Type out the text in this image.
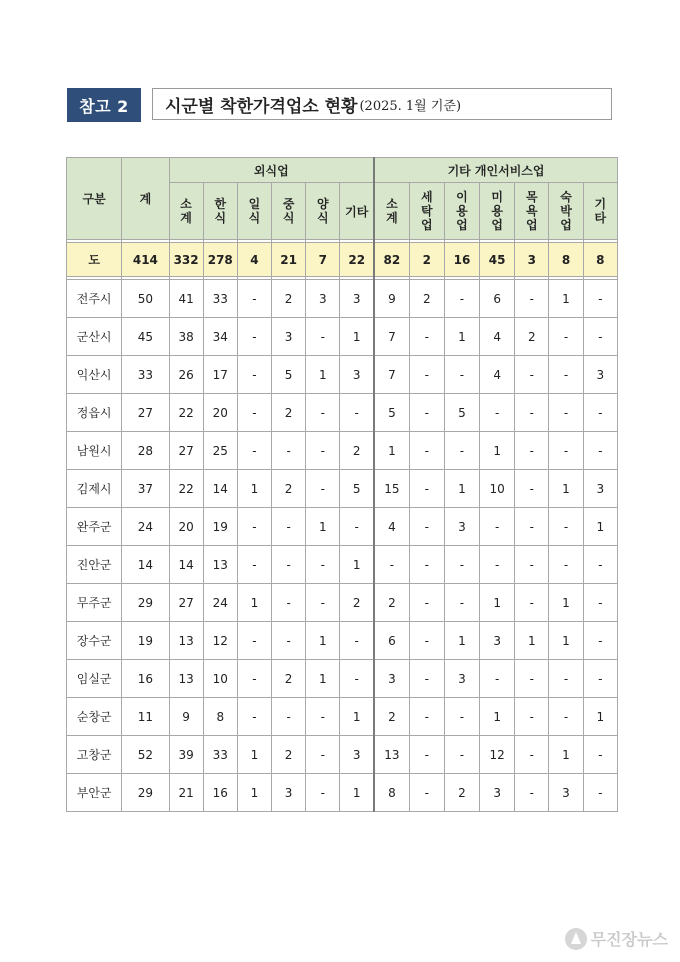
참고 2	시군별 착한가격업소 현황 (2025. 1월 기준)
구분	계	외식업						기타 개인서비스업						
		소계	한식	일식	중식	양식	기타	소계	세탁업	이용업	미용업	목욕업	숙박업	기타

도	414	332	278	4	21	7	22	82	2	16	45	3	8	8

전주시	50	41	33	-	2	3	3	9	2	-	6	-	1	-
군산시	45	38	34	-	3	-	1	7	-	1	4	2	-	-
익산시	33	26	17	-	5	1	3	7	-	-	4	-	-	3
정읍시	27	22	20	-	2	-	-	5	-	5	-	-	-	-
남원시	28	27	25	-	-	-	2	1	-	-	1	-	-	-
김제시	37	22	14	1	2	-	5	15	-	1	10	-	1	3
완주군	24	20	19	-	-	1	-	4	-	3	-	-	-	1
진안군	14	14	13	-	-	-	1	-	-	-	-	-	-	-
무주군	29	27	24	1	-	-	2	2	-	-	1	-	1	-
장수군	19	13	12	-	-	1	-	6	-	1	3	1	1	-
임실군	16	13	10	-	2	1	-	3	-	3	-	-	-	-
순창군	11	9	8	-	-	-	1	2	-	-	1	-	-	1
고창군	52	39	33	1	2	-	3	13	-	-	12	-	1	-
부안군	29	21	16	1	3	-	1	8	-	2	3	-	3	-
무진장뉴스
